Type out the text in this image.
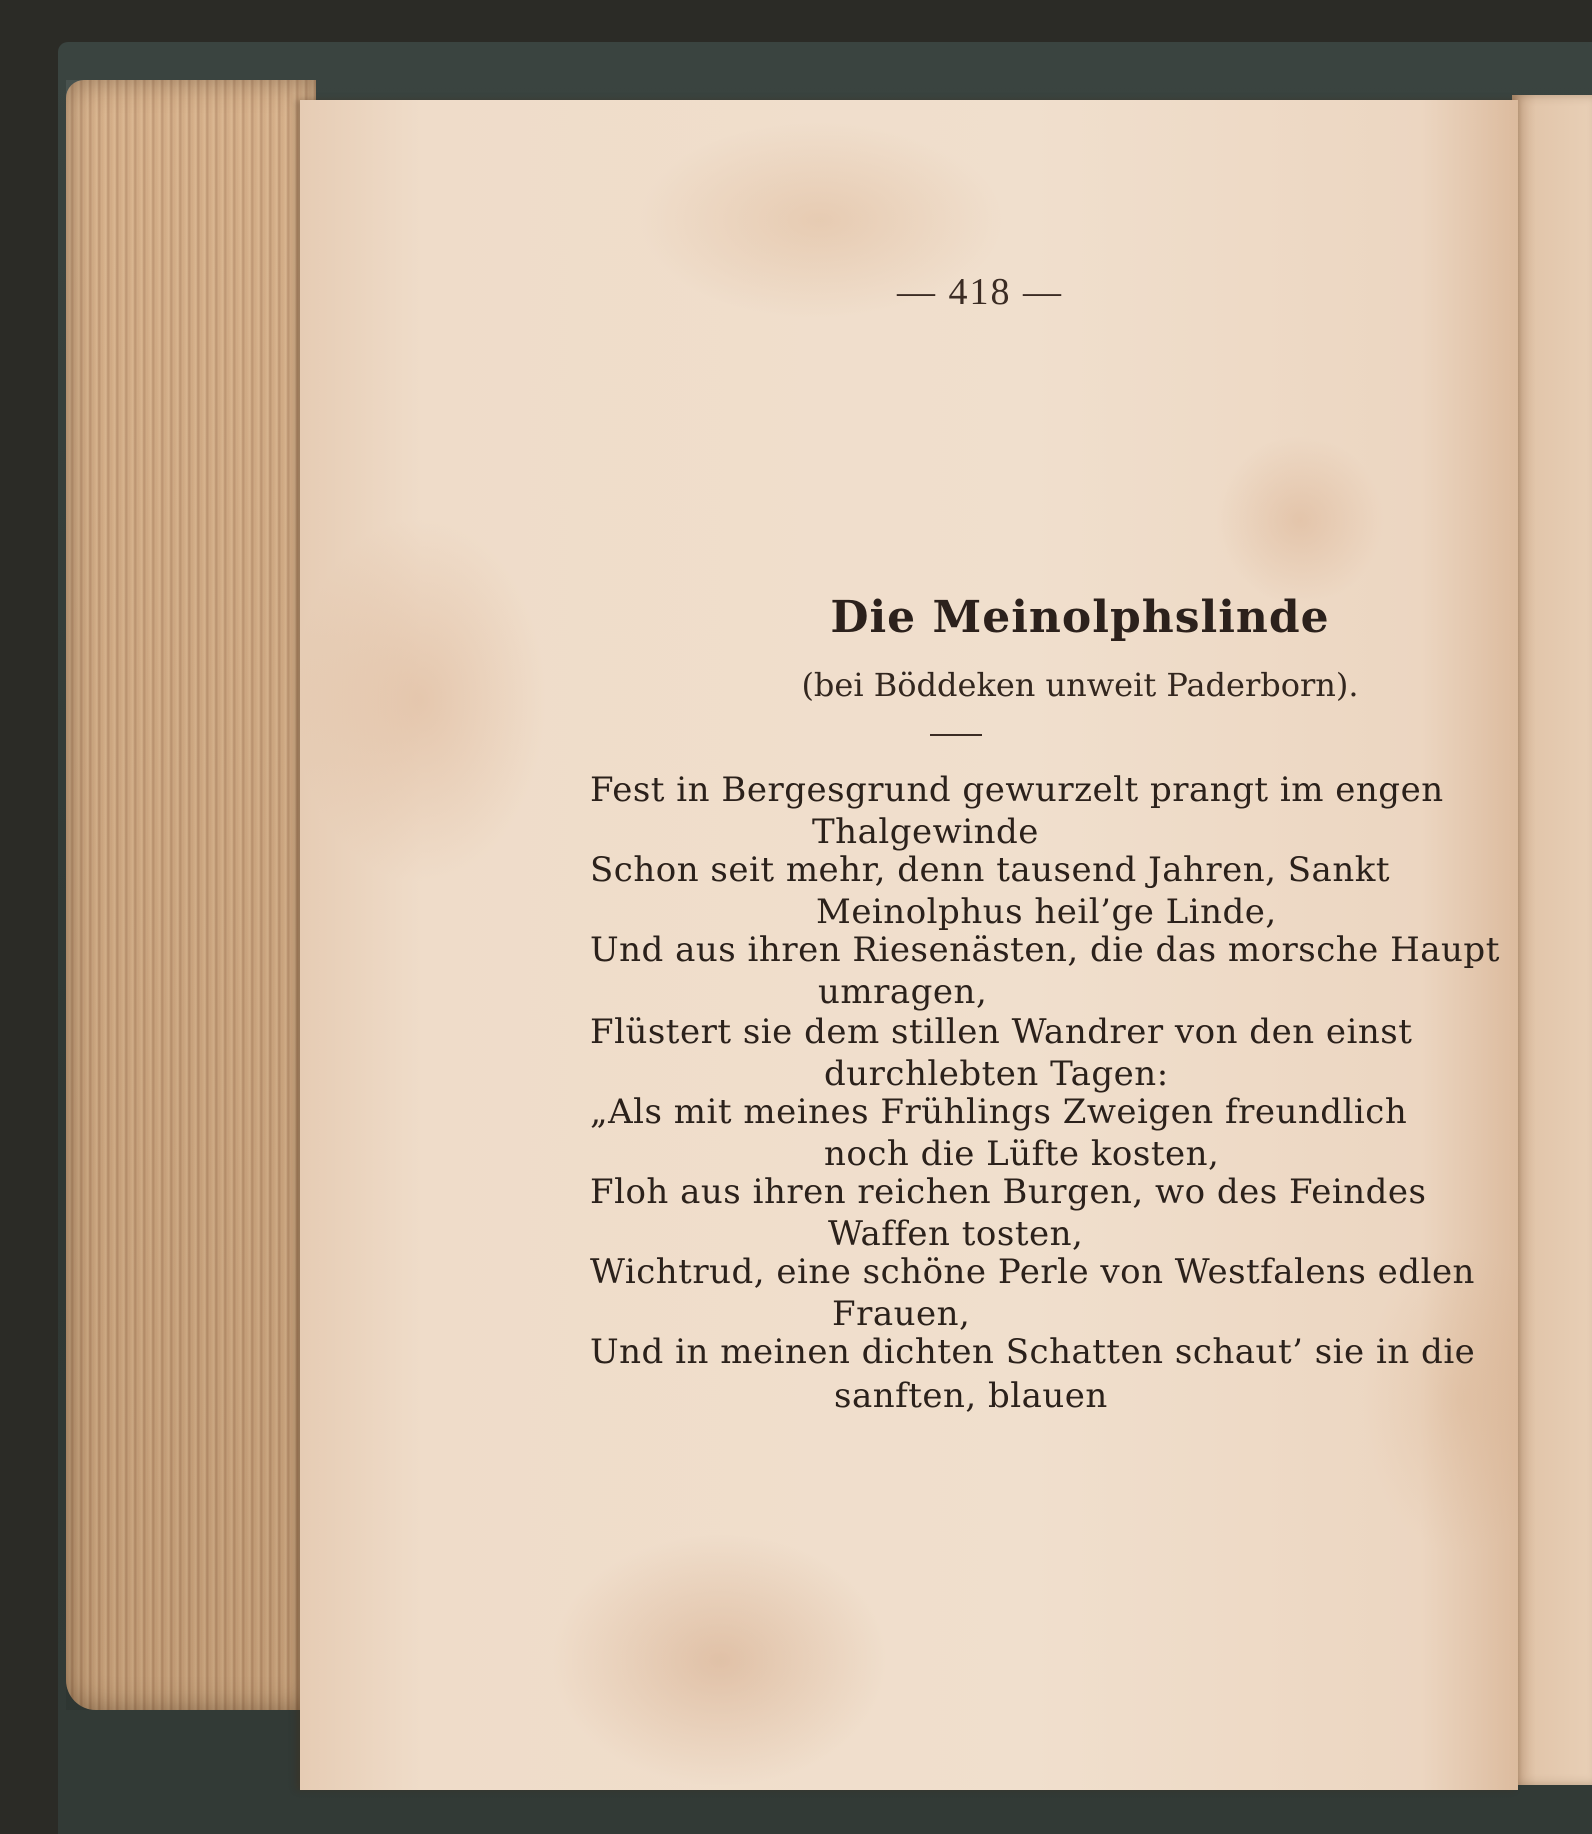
— 418 —
Die Meinolphslinde
(bei Böddeken unweit Paderborn).
Fest in Bergesgrund gewurzelt prangt im engen
Thalgewinde
Schon seit mehr, denn tausend Jahren, Sankt
Meinolphus heil’ge Linde,
Und aus ihren Riesenästen, die das morsche Haupt
umragen,
Flüstert sie dem stillen Wandrer von den einst
durchlebten Tagen:
„Als mit meines Frühlings Zweigen freundlich
noch die Lüfte kosten,
Floh aus ihren reichen Burgen, wo des Feindes
Waffen tosten,
Wichtrud, eine schöne Perle von Westfalens edlen
Frauen,
Und in meinen dichten Schatten schaut’ sie in die
sanften, blauen
